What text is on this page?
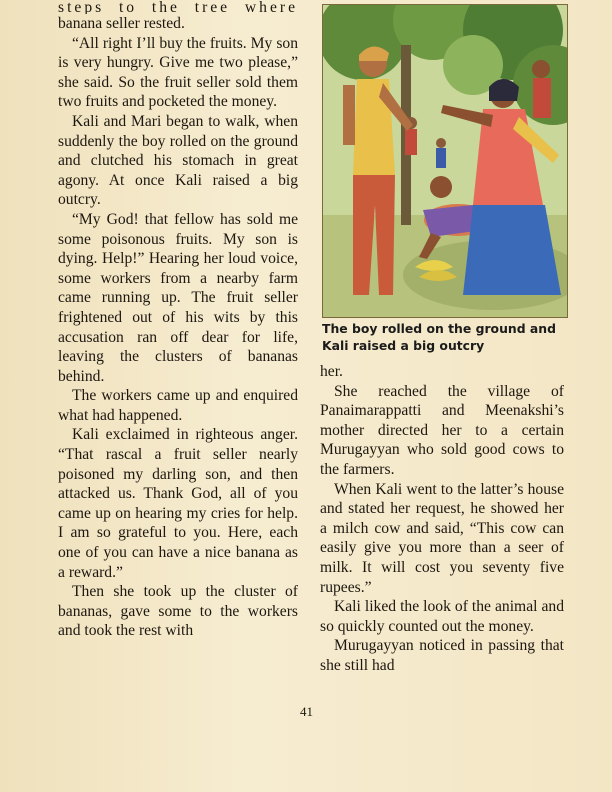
steps to the tree where

banana seller rested.

“All right I’ll buy the fruits. My son is very hungry. Give me two please,” she said. So the fruit seller sold them two fruits and pocketed the money.

Kali and Mari began to walk, when suddenly the boy rolled on the ground and clutched his stomach in great agony. At once Kali raised a big outcry.

“My God! that fellow has sold me some poisonous fruits. My son is dying. Help!” Hearing her loud voice, some workers from a nearby farm came running up. The fruit seller frightened out of his wits by this accusation ran off dear for life, leaving the clusters of bananas behind.

The workers came up and enquired what had happened.

Kali exclaimed in righteous anger. “That rascal a fruit seller nearly poisoned my darling son, and then attacked us. Thank God, all of you came up on hearing my cries for help. I am so grateful to you. Here, each one of you can have a nice banana as a reward.”

Then she took up the cluster of bananas, gave some to the workers and took the rest with

The boy rolled on the ground and Kali raised a big outcry

her.

She reached the village of Panaimarappatti and Meenakshi’s mother directed her to a certain Murugayyan who sold good cows to the farmers.

When Kali went to the latter’s house and stated her request, he showed her a milch cow and said, “This cow can easily give you more than a seer of milk. It will cost you seventy five rupees.”

Kali liked the look of the animal and so quickly counted out the money.

Murugayyan noticed in passing that she still had

41
